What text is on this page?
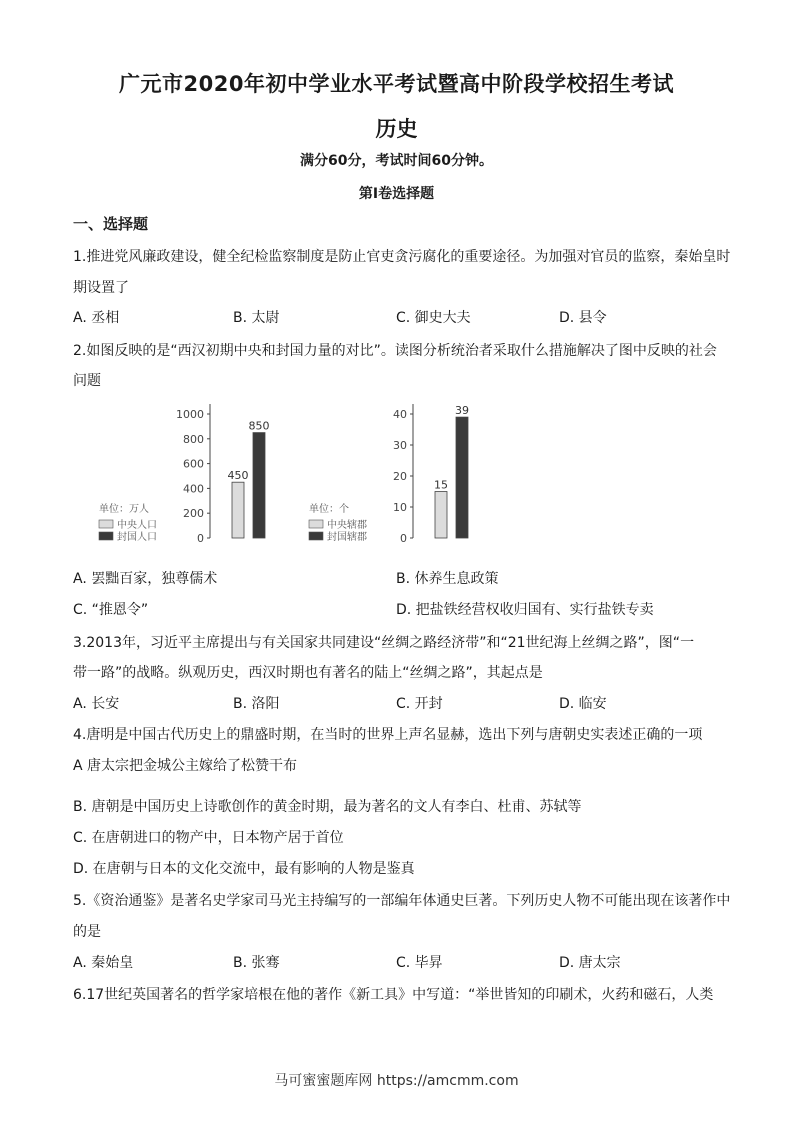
广元市2020年初中学业水平考试暨高中阶段学校招生考试
历史
满分60分，考试时间60分钟。
第Ⅰ卷选择题
一、选择题
1.推进党风廉政建设，健全纪检监察制度是防止官吏贪污腐化的重要途径。为加强对官员的监察，秦始皇时
期设置了
A. 丞相	B. 太尉	C. 御史大夫	D. 县令
2.如图反映的是“西汉初期中央和封国力量的对比”。读图分析统治者采取什么措施解决了图中反映的社会
问题
1000
800
600
400
200
0
450
850
单位：万人
中央人口
封国人口
40
30
20
10
0
15
39
单位：个
中央辖郡
封国辖郡
A. 罢黜百家，独尊儒术	B. 休养生息政策
C. “推恩令”	D. 把盐铁经营权收归国有、实行盐铁专卖
3.2013年，习近平主席提出与有关国家共同建设“丝绸之路经济带”和“21世纪海上丝绸之路”，图“一
带一路”的战略。纵观历史，西汉时期也有著名的陆上“丝绸之路”，其起点是
A. 长安	B. 洛阳	C. 开封	D. 临安
4.唐明是中国古代历史上的鼎盛时期，在当时的世界上声名显赫，选出下列与唐朝史实表述正确的一项
A 唐太宗把金城公主嫁给了松赞干布
B. 唐朝是中国历史上诗歌创作的黄金时期，最为著名的文人有李白、杜甫、苏轼等
C. 在唐朝进口的物产中，日本物产居于首位
D. 在唐朝与日本的文化交流中，最有影响的人物是鉴真
5.《资治通鉴》是著名史学家司马光主持编写的一部编年体通史巨著。下列历史人物不可能出现在该著作中
的是
A. 秦始皇	B. 张骞	C. 毕昇	D. 唐太宗
6.17世纪英国著名的哲学家培根在他的著作《新工具》中写道：“举世皆知的印刷术，火药和磁石，人类
马可蜜蜜题库网 https://amcmm.com
